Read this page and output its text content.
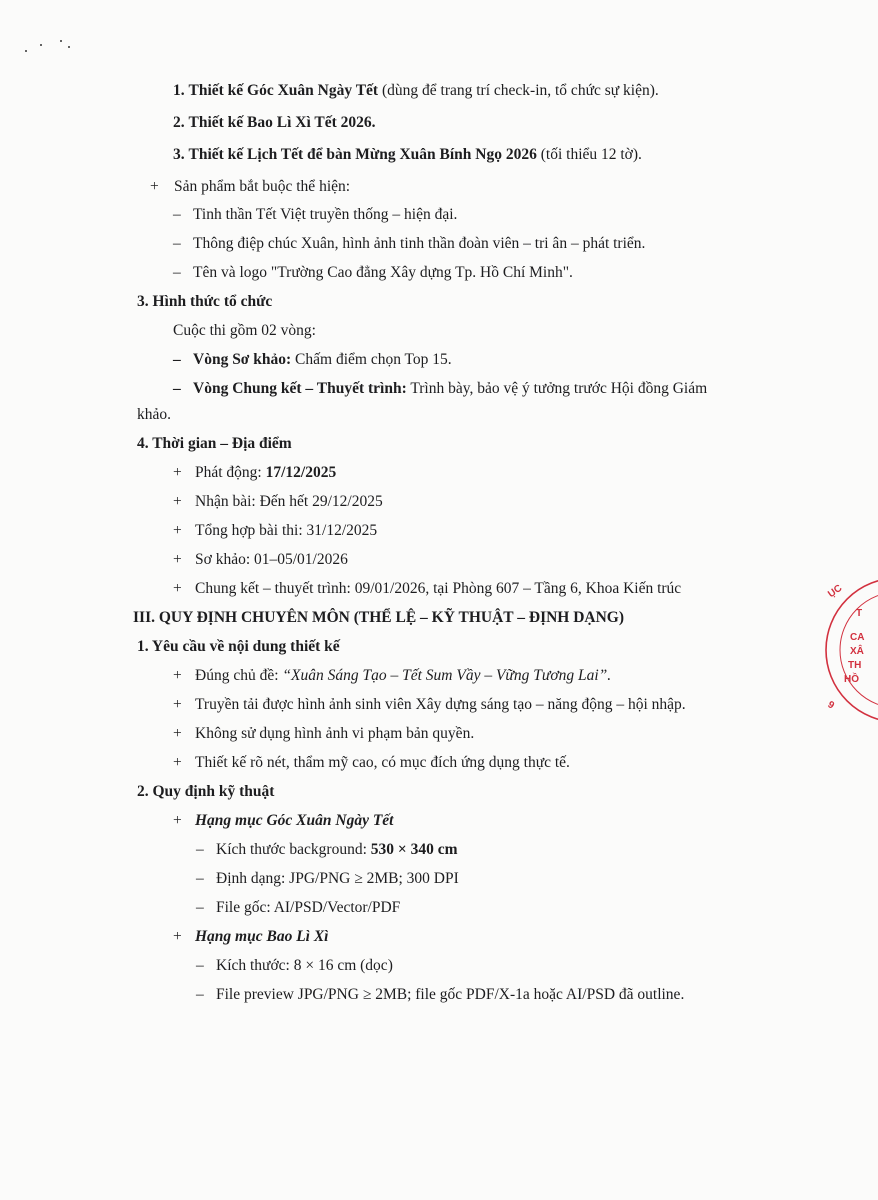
1. Thiết kế Góc Xuân Ngày Tết (dùng để trang trí check-in, tổ chức sự kiện).
2. Thiết kế Bao Lì Xì Tết 2026.
3. Thiết kế Lịch Tết để bàn Mừng Xuân Bính Ngọ 2026 (tối thiểu 12 tờ).
+ Sản phẩm bắt buộc thể hiện:
– Tinh thần Tết Việt truyền thống – hiện đại.
– Thông điệp chúc Xuân, hình ảnh tinh thần đoàn viên – tri ân – phát triển.
– Tên và logo "Trường Cao đẳng Xây dựng Tp. Hồ Chí Minh".
3. Hình thức tổ chức
Cuộc thi gồm 02 vòng:
– Vòng Sơ khảo: Chấm điểm chọn Top 15.
– Vòng Chung kết – Thuyết trình: Trình bày, bảo vệ ý tưởng trước Hội đồng Giám
khảo.
4. Thời gian – Địa điểm
+ Phát động: 17/12/2025
+ Nhận bài: Đến hết 29/12/2025
+ Tổng hợp bài thi: 31/12/2025
+ Sơ khảo: 01–05/01/2026
+ Chung kết – thuyết trình: 09/01/2026, tại Phòng 607 – Tầng 6, Khoa Kiến trúc
III. QUY ĐỊNH CHUYÊN MÔN (THỂ LỆ – KỸ THUẬT – ĐỊNH DẠNG)
1. Yêu cầu về nội dung thiết kế
+ Đúng chủ đề: “Xuân Sáng Tạo – Tết Sum Vầy – Vững Tương Lai”.
+ Truyền tải được hình ảnh sinh viên Xây dựng sáng tạo – năng động – hội nhập.
+ Không sử dụng hình ảnh vi phạm bản quyền.
+ Thiết kế rõ nét, thẩm mỹ cao, có mục đích ứng dụng thực tế.
2. Quy định kỹ thuật
+ Hạng mục Góc Xuân Ngày Tết
– Kích thước background: 530 × 340 cm
– Định dạng: JPG/PNG ≥ 2MB; 300 DPI
– File gốc: AI/PSD/Vector/PDF
+ Hạng mục Bao Lì Xì
– Kích thước: 8 × 16 cm (dọc)
– File preview JPG/PNG ≥ 2MB; file gốc PDF/X-1a hoặc AI/PSD đã outline.
ỤC
T
CA
XÂ
TH
HỒ
9
